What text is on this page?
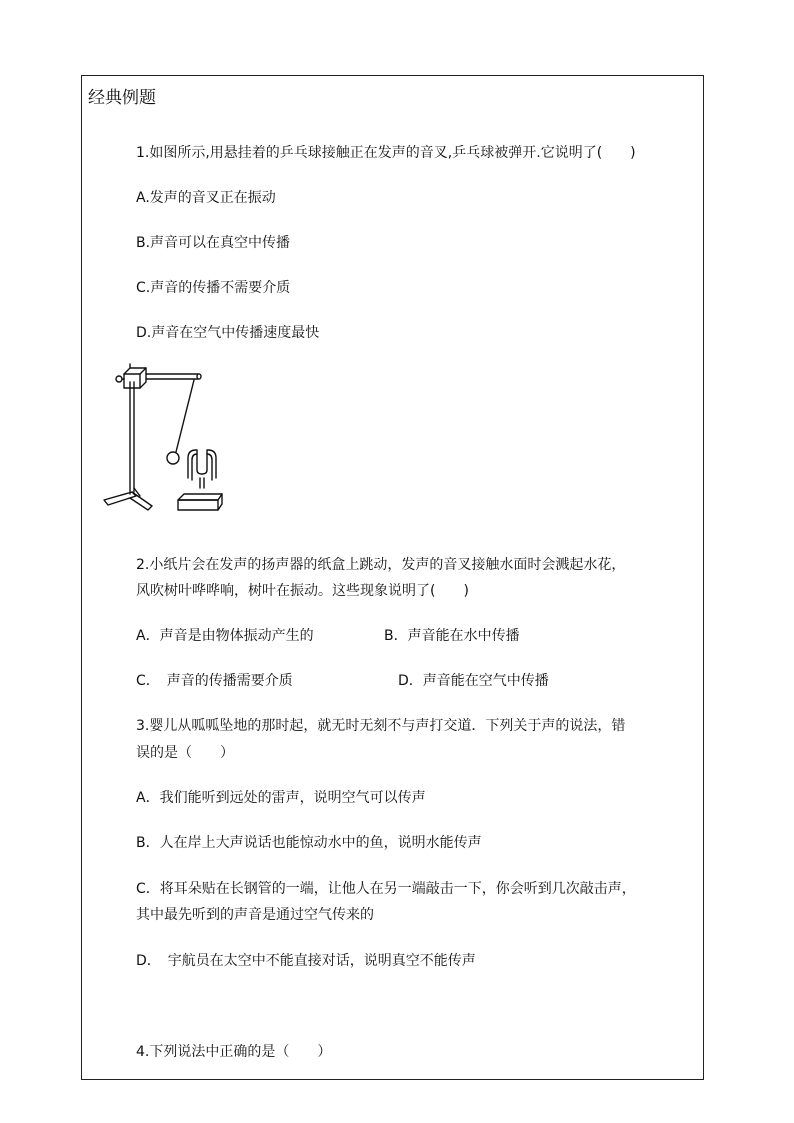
经典例题
1.如图所示,用悬挂着的乒乓球接触正在发声的音叉,乒乓球被弹开.它说明了(　　)
A.发声的音叉正在振动
B.声音可以在真空中传播
C.声音的传播不需要介质
D.声音在空气中传播速度最快
2.小纸片会在发声的扬声器的纸盒上跳动，发声的音叉接触水面时会溅起水花，
风吹树叶哗哗响，树叶在振动。这些现象说明了(　　)
A．声音是由物体振动产生的	B．声音能在水中传播
C．　声音的传播需要介质	D．声音能在空气中传播
3.婴儿从呱呱坠地的那时起，就无时无刻不与声打交道．下列关于声的说法，错
误的是（　　）
A．我们能听到远处的雷声，说明空气可以传声
B．人在岸上大声说话也能惊动水中的鱼，说明水能传声
C．将耳朵贴在长钢管的一端，让他人在另一端敲击一下，你会听到几次敲击声，
其中最先听到的声音是通过空气传来的
D．　宇航员在太空中不能直接对话，说明真空不能传声
4.下列说法中正确的是（　　）
